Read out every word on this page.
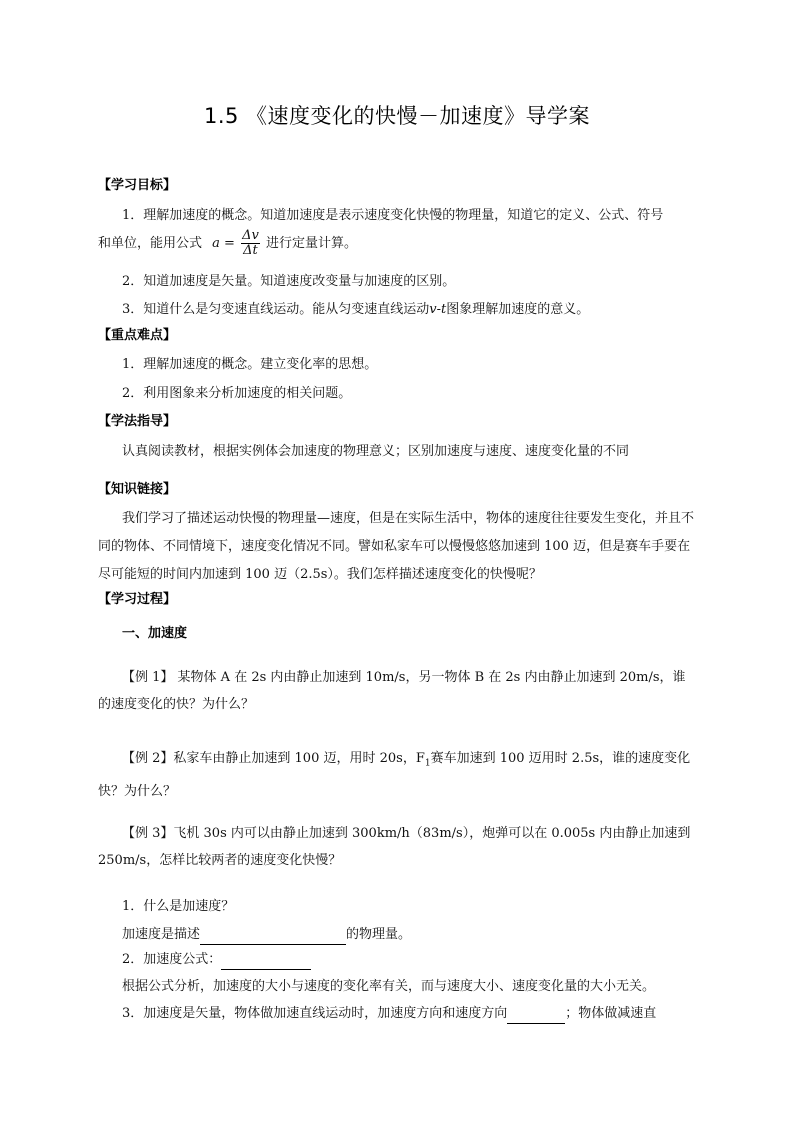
1.5 《速度变化的快慢－加速度》导学案
【学习目标】
1．理解加速度的概念。知道加速度是表示速度变化快慢的物理量，知道它的定义、公式、符号
和单位，能用公式 $a = \frac{\Delta v}{\Delta t}$ 进行定量计算。
2．知道加速度是矢量。知道速度改变量与加速度的区别。
3．知道什么是匀变速直线运动。能从匀变速直线运动v-t图象理解加速度的意义。
【重点难点】
1．理解加速度的概念。建立变化率的思想。
2．利用图象来分析加速度的相关问题。
【学法指导】
认真阅读教材，根据实例体会加速度的物理意义；区别加速度与速度、速度变化量的不同
【知识链接】
我们学习了描述运动快慢的物理量—速度，但是在实际生活中，物体的速度往往要发生变化，并且不同的物体、不同情境下，速度变化情况不同。譬如私家车可以慢慢悠悠加速到 100 迈，但是赛车手要在尽可能短的时间内加速到 100 迈（2.5s）。我们怎样描述速度变化的快慢呢？
【学习过程】
一、加速度
【例 1】 某物体 A 在 2s 内由静止加速到 10m/s，另一物体 B 在 2s 内由静止加速到 20m/s，谁的速度变化的快？为什么？
【例 2】私家车由静止加速到 100 迈，用时 20s，$F_1$赛车加速到 100 迈用时 2.5s，谁的速度变化快？为什么？
【例 3】飞机 30s 内可以由静止加速到 300km/h（83m/s），炮弹可以在 0.005s 内由静止加速到 250m/s，怎样比较两者的速度变化快慢？
1．什么是加速度？
加速度是描述	的物理量。
2．加速度公式：
根据公式分析，加速度的大小与速度的变化率有关，而与速度大小、速度变化量的大小无关。
3．加速度是矢量，物体做加速直线运动时，加速度方向和速度方向	；物体做减速直
